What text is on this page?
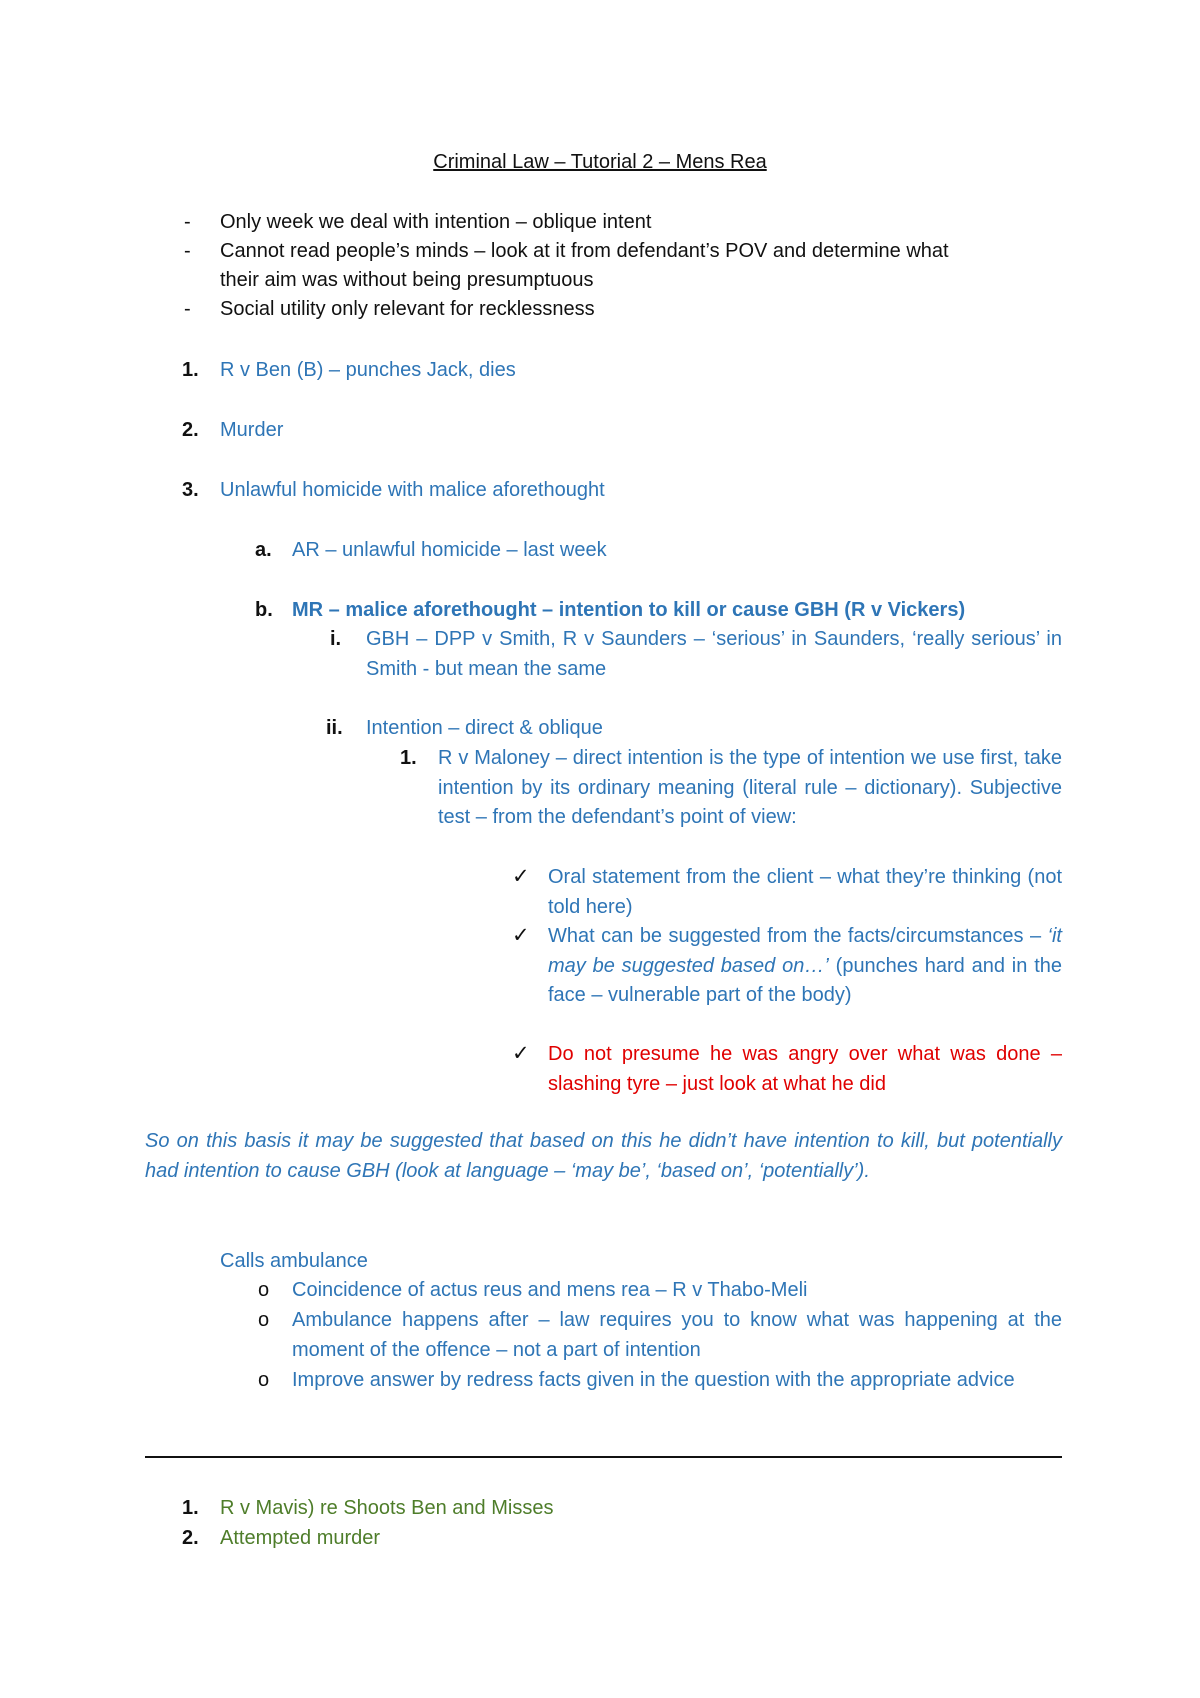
Criminal Law – Tutorial 2 – Mens Rea
- Only week we deal with intention – oblique intent
- Cannot read people’s minds – look at it from defendant’s POV and determine what
their aim was without being presumptuous
- Social utility only relevant for recklessness
1. R v Ben (B) – punches Jack, dies
2. Murder
3. Unlawful homicide with malice aforethought
a. AR – unlawful homicide – last week
b. MR – malice aforethought – intention to kill or cause GBH (R v Vickers)
i. GBH – DPP v Smith, R v Saunders – ‘serious’ in Saunders, ‘really serious’ in Smith - but mean the same
ii. Intention – direct & oblique
1. R v Maloney – direct intention is the type of intention we use first, take intention by its ordinary meaning (literal rule – dictionary). Subjective test – from the defendant’s point of view:
✓ Oral statement from the client – what they’re thinking (not told here)
✓ What can be suggested from the facts/circumstances – ‘it may be suggested based on…’ (punches hard and in the face – vulnerable part of the body)
✓ Do not presume he was angry over what was done – slashing tyre – just look at what he did
So on this basis it may be suggested that based on this he didn’t have intention to kill, but potentially had intention to cause GBH (look at language – ‘may be’, ‘based on’, ‘potentially’).
Calls ambulance
o Coincidence of actus reus and mens rea – R v Thabo-Meli
o Ambulance happens after – law requires you to know what was happening at the moment of the offence – not a part of intention
o Improve answer by redress facts given in the question with the appropriate advice
1. R v Mavis) re Shoots Ben and Misses
2. Attempted murder
